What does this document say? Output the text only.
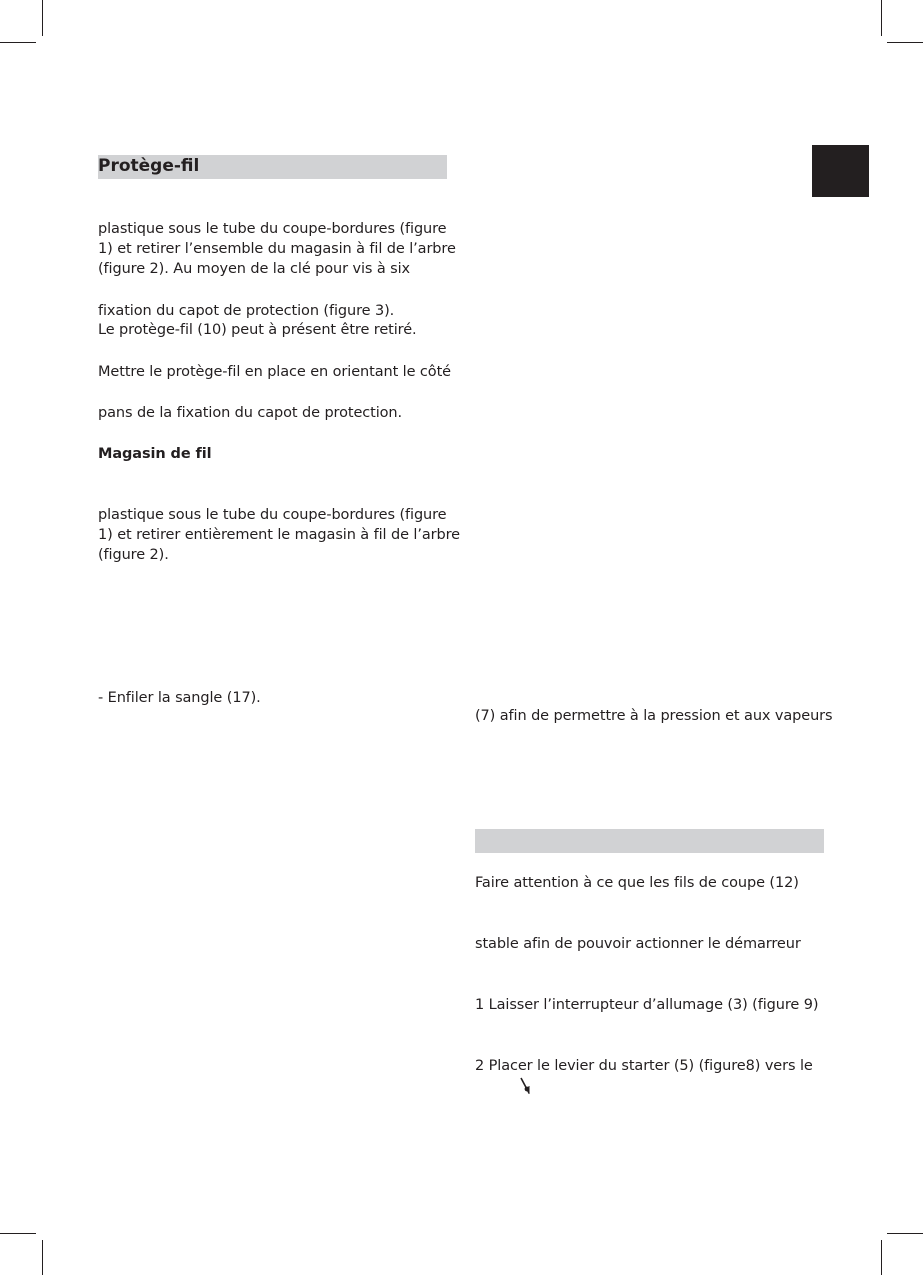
Protège-fil
plastique sous le tube du coupe-bordures (figure
1) et retirer l’ensemble du magasin à fil de l’arbre
(figure 2). Au moyen de la clé pour vis à six
fixation du capot de protection (figure 3).
Le protège-fil (10) peut à présent être retiré.
Mettre le protège-fil en place en orientant le côté
pans de la fixation du capot de protection.
Magasin de fil
plastique sous le tube du coupe-bordures (figure
1) et retirer entièrement le magasin à fil de l’arbre
(figure 2).
- Enfiler la sangle (17).
(7) afin de permettre à la pression et aux vapeurs
Faire attention à ce que les fils de coupe (12)
stable afin de pouvoir actionner le démarreur
1 Laisser l’interrupteur d’allumage (3) (figure 9)
2 Placer le levier du starter (5) (figure8) vers le
